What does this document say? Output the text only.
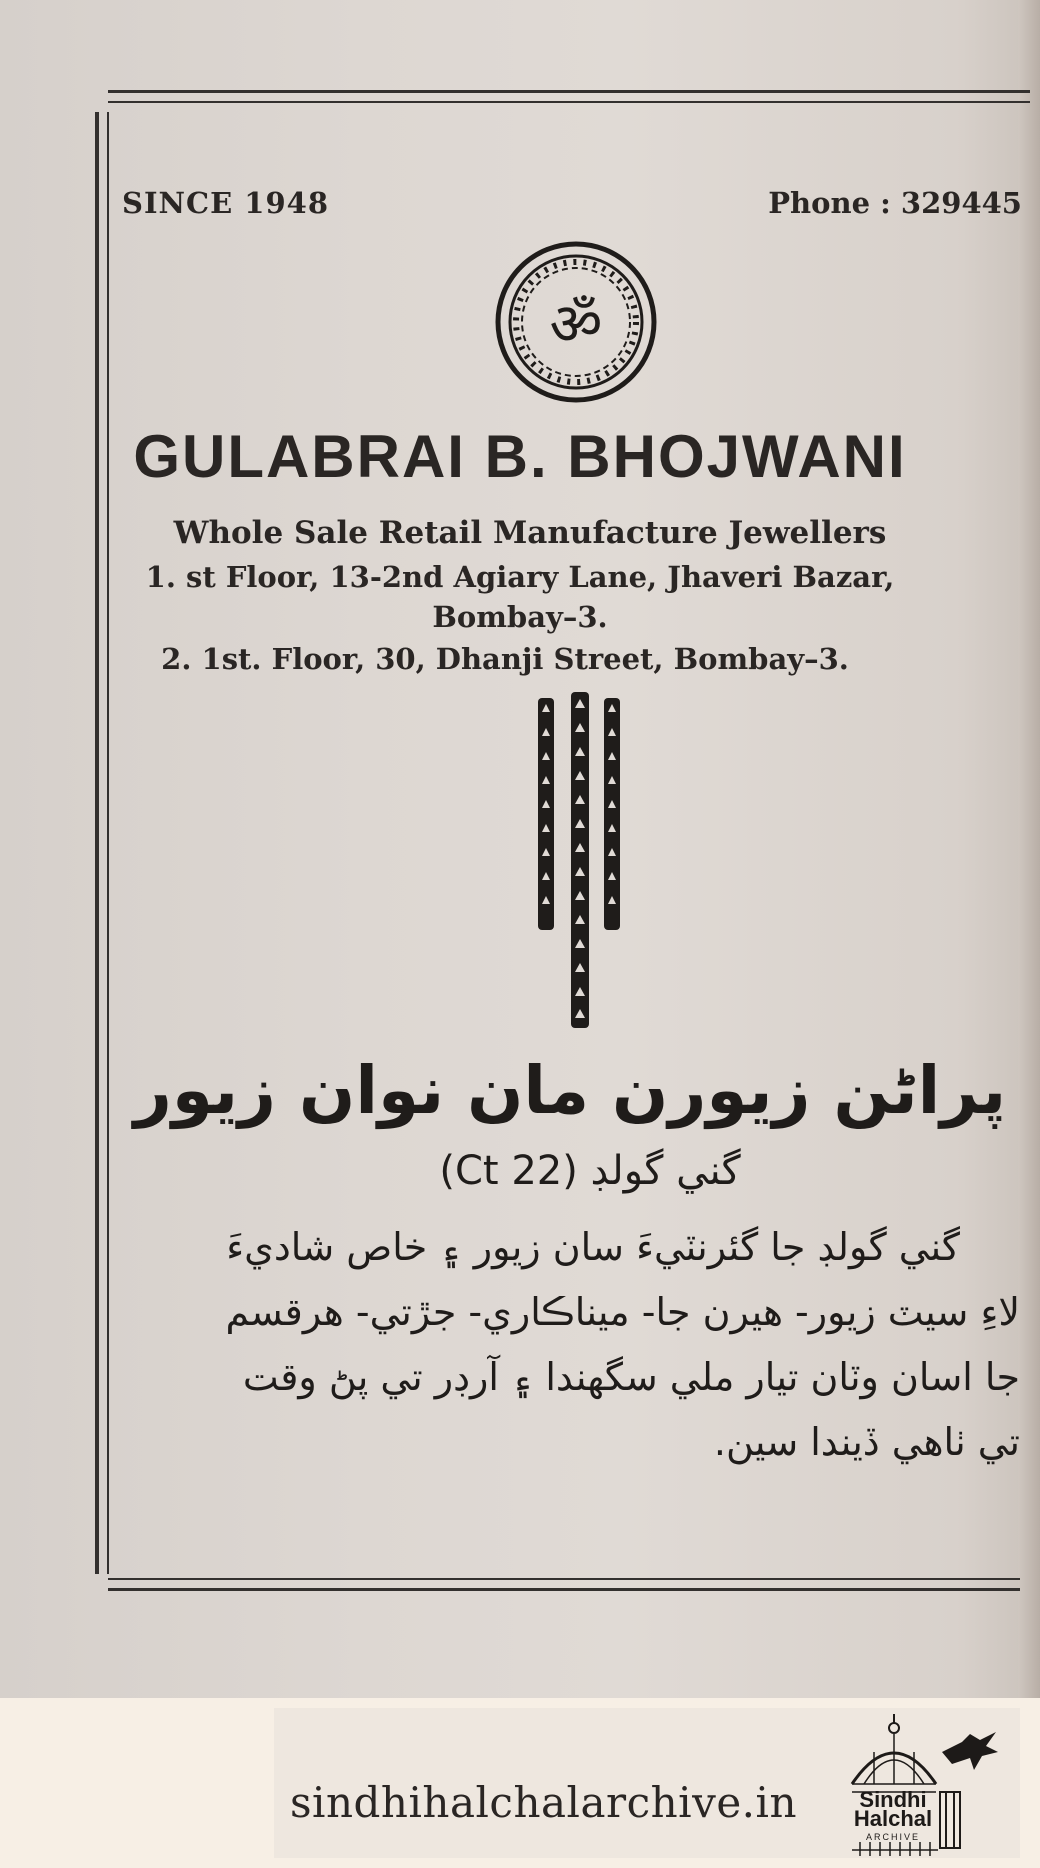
SINCE 1948	Phone : 329445
ॐ
GULABRAI B. BHOJWANI
Whole Sale Retail Manufacture Jewellers
1. st Floor, 13-2nd Agiary Lane, Jhaveri Bazar,
Bombay–3.
2. 1st. Floor, 30, Dhanji Street, Bombay–3.
پراڻن زيورن مان نوان زيور
گني گولڊ (22 Ct)
گني گولڊ جا گئرنٽيءَ سان زيور ۽ خاص شاديءَ
لاءِ سيٽ زيور- هيرن جا- ميناڪاري- جڙتي- هرقسم
جا اسان وٽان تيار ملي سگهندا ۽ آرڊر تي پڻ وقت
تي ٺاهي ڏيندا سين.
sindhihalchalarchive.in	Sindhi Halchal
ARCHIVE
